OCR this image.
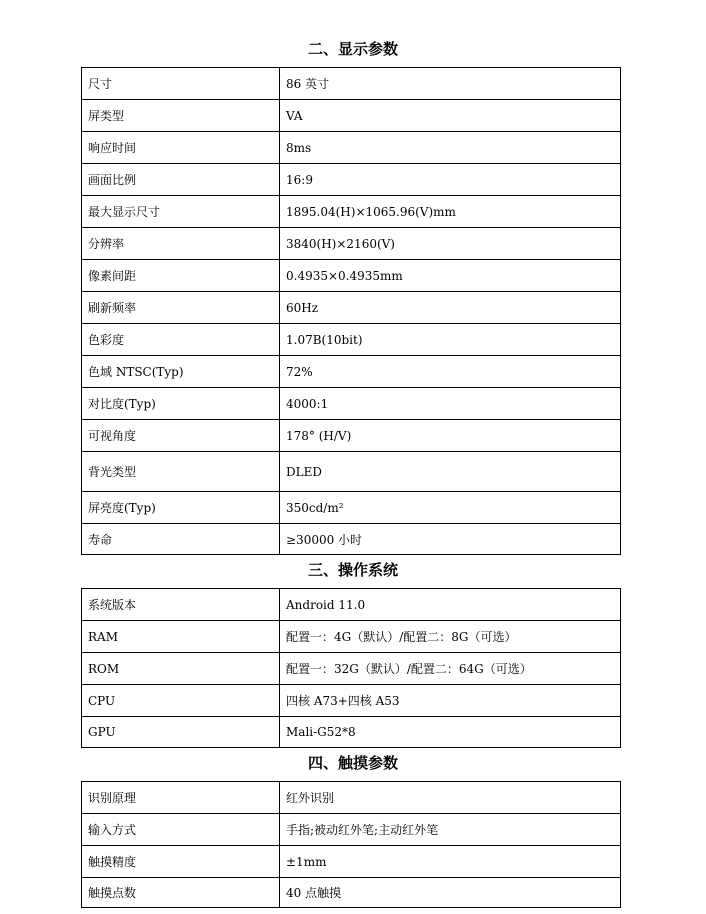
二、显示参数
尺寸	86 英寸
屏类型	VA
响应时间	8ms
画面比例	16:9
最大显示尺寸	1895.04(H)×1065.96(V)mm
分辨率	3840(H)×2160(V)
像素间距	0.4935×0.4935mm
刷新频率	60Hz
色彩度	1.07B(10bit)
色域 NTSC(Typ)	72%
对比度(Typ)	4000:1
可视角度	178° (H/V)
背光类型	DLED
屏亮度(Typ)	350cd/m²
寿命	≥30000 小时
三、操作系统
系统版本	Android 11.0
RAM	配置一：4G（默认）/配置二：8G（可选）
ROM	配置一：32G（默认）/配置二：64G（可选）
CPU	四核 A73+四核 A53
GPU	Mali-G52*8
四、触摸参数
识别原理	红外识别
输入方式	手指;被动红外笔;主动红外笔
触摸精度	±1mm
触摸点数	40 点触摸
